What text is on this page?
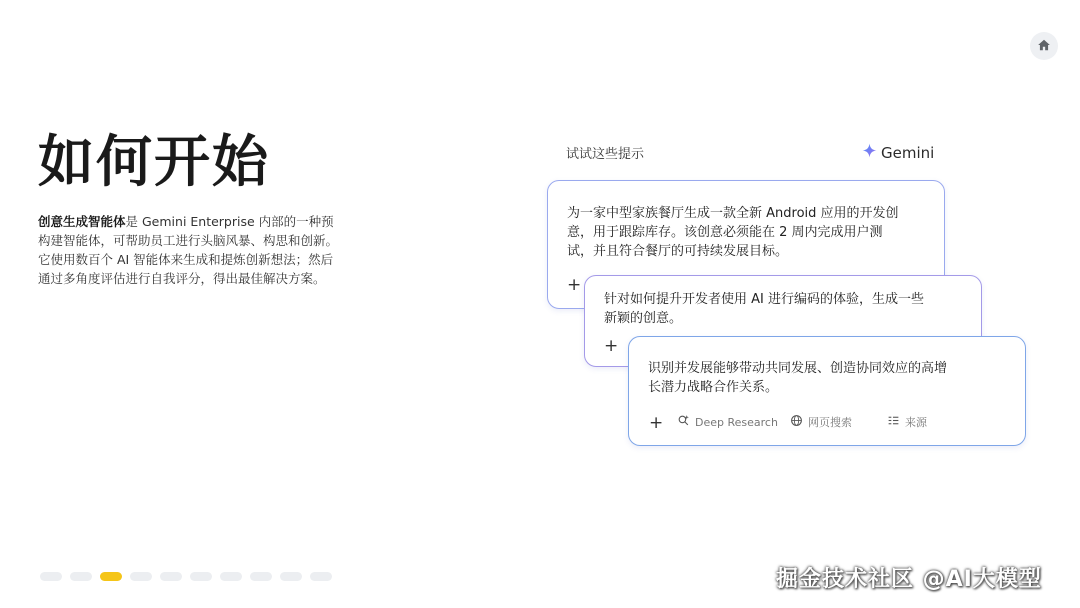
如何开始
创意生成智能体是 Gemini Enterprise 内部的一种预构建智能体，可帮助员工进行头脑风暴、构思和创新。它使用数百个 AI 智能体来生成和提炼创新想法；然后通过多角度评估进行自我评分，得出最佳解决方案。
试试这些提示	Gemini
为一家中型家族餐厅生成一款全新 Android 应用的开发创意，用于跟踪库存。该创意必须能在 2 周内完成用户测试，并且符合餐厅的可持续发展目标。
+
针对如何提升开发者使用 AI 进行编码的体验，生成一些新颖的创意。
+
识别并发展能够带动共同发展、创造协同效应的高增长潜力战略合作关系。
+	Deep Research	网页搜索	来源
掘金技术社区 @AI大模型
